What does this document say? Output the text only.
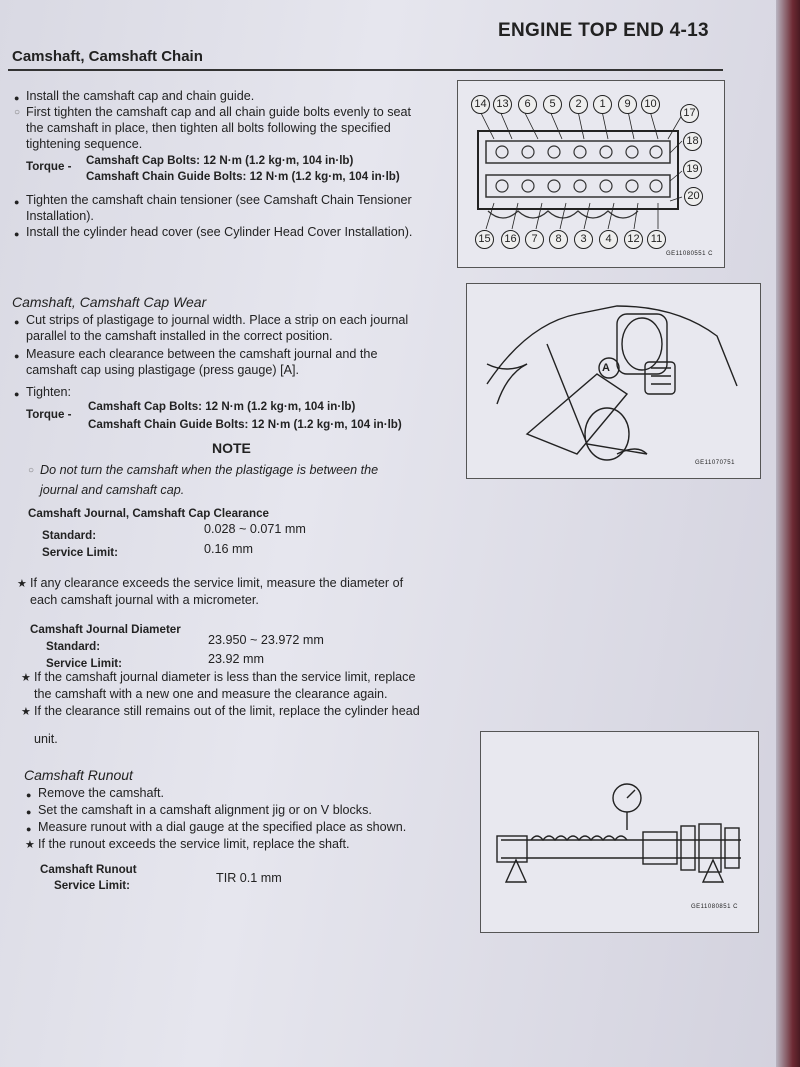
ENGINE TOP END 4-13
Camshaft, Camshaft Chain
● Install the camshaft cap and chain guide.
○ First tighten the camshaft cap and all chain guide bolts evenly to seat
the camshaft in place, then tighten all bolts following the specified
tightening sequence.
Torque - Camshaft Cap Bolts: 12 N·m (1.2 kg·m, 104 in·lb)
Camshaft Chain Guide Bolts: 12 N·m (1.2 kg·m, 104 in·lb)
● Tighten the camshaft chain tensioner (see Camshaft Chain Tensioner
Installation).
● Install the cylinder head cover (see Cylinder Head Cover Installation).
14 13	6	5	2	1	9	10
17
18
19
20
15	16	7	8	3	4	12	11
GE11080551 C
Camshaft, Camshaft Cap Wear
● Cut strips of plastigage to journal width. Place a strip on each journal
parallel to the camshaft installed in the correct position.
● Measure each clearance between the camshaft journal and the
camshaft cap using plastigage (press gauge) [A].
● Tighten:
Torque -
Camshaft Cap Bolts: 12 N·m (1.2 kg·m, 104 in·lb)
Camshaft Chain Guide Bolts: 12 N·m (1.2 kg·m, 104 in·lb)
NOTE
○ Do not turn the camshaft when the plastigage is between the
journal and camshaft cap.
Camshaft Journal, Camshaft Cap Clearance
Standard:	0.028 ~ 0.071 mm
Service Limit:	0.16 mm
★ If any clearance exceeds the service limit, measure the diameter of
each camshaft journal with a micrometer.
Camshaft Journal Diameter
Standard:	23.950 ~ 23.972 mm
Service Limit:	23.92 mm
★ If the camshaft journal diameter is less than the service limit, replace
the camshaft with a new one and measure the clearance again.
★ If the clearance still remains out of the limit, replace the cylinder head
unit.
A
GE11070751
Camshaft Runout
● Remove the camshaft.
● Set the camshaft in a camshaft alignment jig or on V blocks.
● Measure runout with a dial gauge at the specified place as shown.
★ If the runout exceeds the service limit, replace the shaft.
Camshaft Runout
Service Limit:
TIR 0.1 mm
GE11080851 C
